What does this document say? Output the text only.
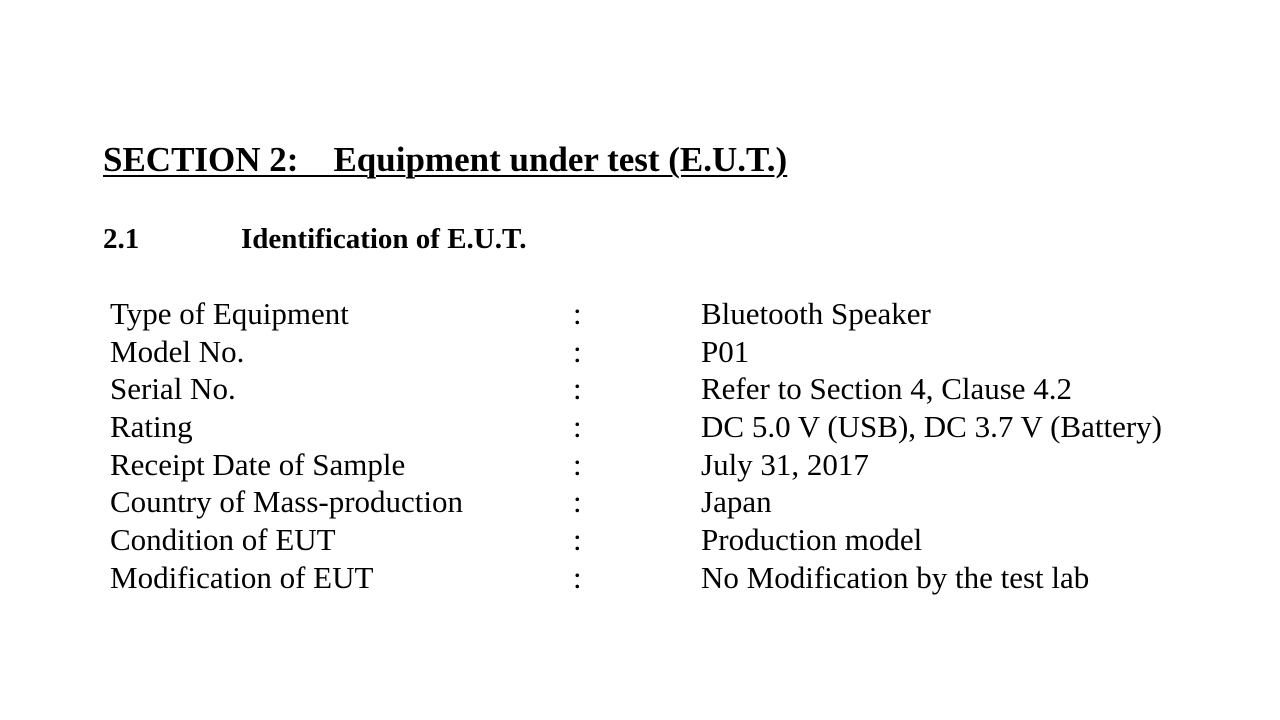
SECTION 2:    Equipment under test (E.U.T.)
2.1	Identification of E.U.T.
Type of Equipment	:	Bluetooth Speaker
Model No.	:	P01
Serial No.	:	Refer to Section 4, Clause 4.2
Rating	:	DC 5.0 V (USB), DC 3.7 V (Battery)
Receipt Date of Sample	:	July 31, 2017
Country of Mass-production	:	Japan
Condition of EUT	:	Production model
Modification of EUT	:	No Modification by the test lab
